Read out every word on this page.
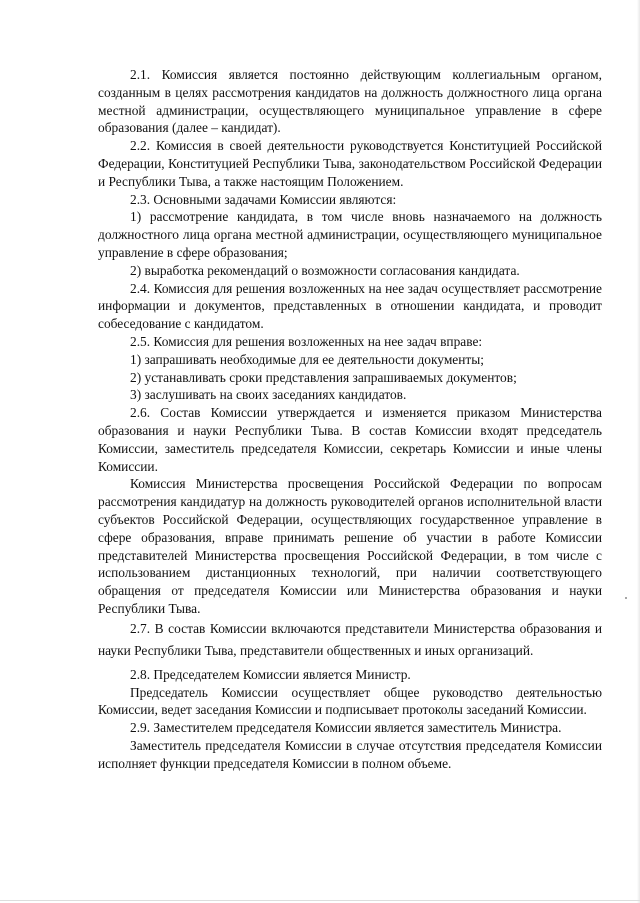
2.1. Комиссия является постоянно действующим коллегиальным органом, созданным в целях рассмотрения кандидатов на должность должностного лица органа местной администрации, осуществляющего муниципальное управление в сфере образования (далее – кандидат).

2.2. Комиссия в своей деятельности руководствуется Конституцией Российской Федерации, Конституцией Республики Тыва, законодательством Российской Федерации и Республики Тыва, а также настоящим Положением.

2.3. Основными задачами Комиссии являются:

1) рассмотрение кандидата, в том числе вновь назначаемого на должность должностного лица органа местной администрации, осуществляющего муниципальное управление в сфере образования;

2) выработка рекомендаций о возможности согласования кандидата.

2.4. Комиссия для решения возложенных на нее задач осуществляет рассмотрение информации и документов, представленных в отношении кандидата, и проводит собеседование с кандидатом.

2.5. Комиссия для решения возложенных на нее задач вправе:

1) запрашивать необходимые для ее деятельности документы;

2) устанавливать сроки представления запрашиваемых документов;

3) заслушивать на своих заседаниях кандидатов.

2.6. Состав Комиссии утверждается и изменяется приказом Министерства образования и науки Республики Тыва. В состав Комиссии входят председатель Комиссии, заместитель председателя Комиссии, секретарь Комиссии и иные члены Комиссии.

Комиссия Министерства просвещения Российской Федерации по вопросам рассмотрения кандидатур на должность руководителей органов исполнительной власти субъектов Российской Федерации, осуществляющих государственное управление в сфере образования, вправе принимать решение об участии в работе Комиссии представителей Министерства просвещения Российской Федерации, в том числе с использованием дистанционных технологий, при наличии соответствующего обращения от председателя Комиссии или Министерства образования и науки Республики Тыва.

2.7. В состав Комиссии включаются представители Министерства образования и науки Республики Тыва, представители общественных и иных организаций.

2.8. Председателем Комиссии является Министр.

Председатель Комиссии осуществляет общее руководство деятельностью Комиссии, ведет заседания Комиссии и подписывает протоколы заседаний Комиссии.

2.9. Заместителем председателя Комиссии является заместитель Министра.

Заместитель председателя Комиссии в случае отсутствия председателя Комиссии исполняет функции председателя Комиссии в полном объеме.
